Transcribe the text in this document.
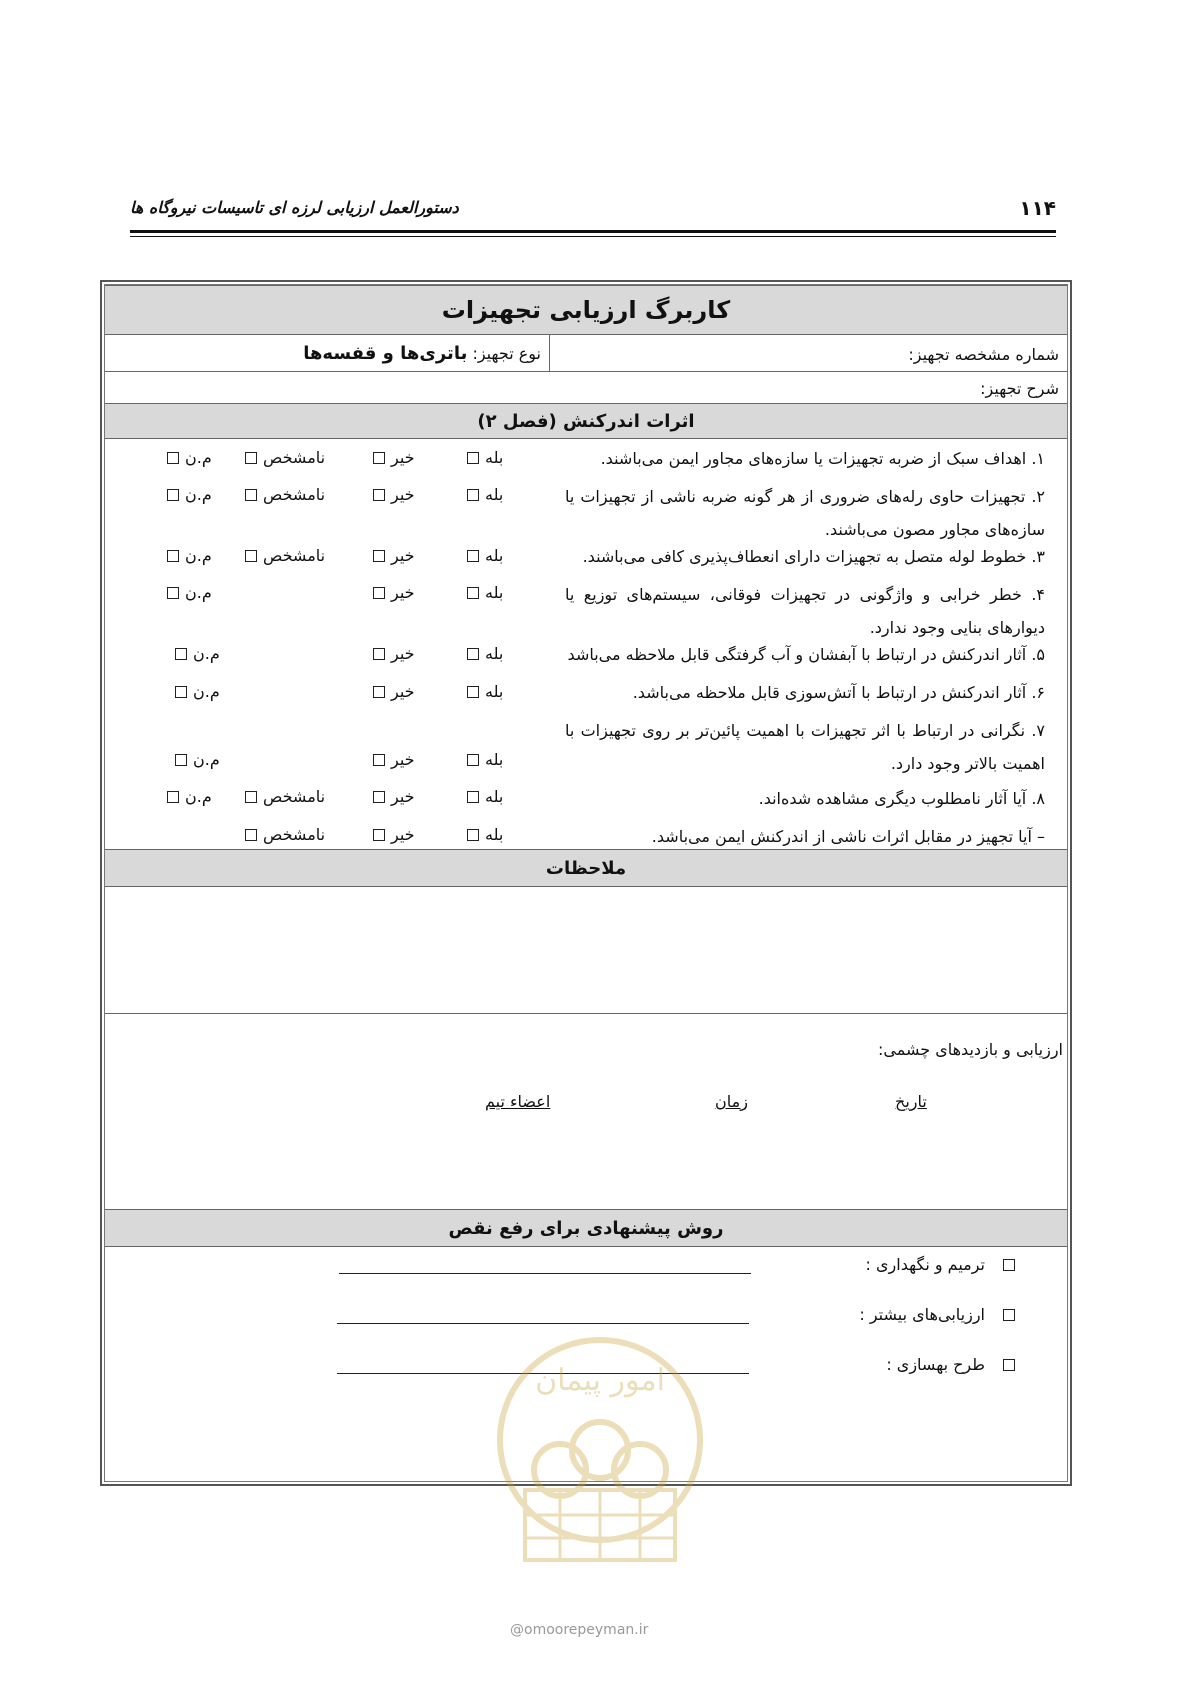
۱۱۴
دستورالعمل ارزیابی لرزه ای تاسیسات نیروگاه ها
کاربرگ ارزیابی تجهیزات
شماره مشخصه تجهیز:
نوع تجهیز: باتری‌ها و قفسه‌ها
شرح تجهیز:
اثرات اندرکنش (فصل ۲)
۱. اهداف سبک از ضربه تجهیزات یا سازه‌های مجاور ایمن می‌باشند.
۲. تجهیزات حاوی رله‌های ضروری از هر گونه ضربه ناشی از تجهیزات یا سازه‌های مجاور مصون می‌باشند.
۳. خطوط لوله متصل به تجهیزات دارای انعطاف‌پذیری کافی می‌باشند.
۴. خطر خرابی و واژگونی در تجهیزات فوقانی، سیستم‌های توزیع یا دیوارهای بنایی وجود ندارد.
۵. آثار اندرکنش در ارتباط با آبفشان و آب گرفتگی قابل ملاحظه می‌باشد
۶. آثار اندرکنش در ارتباط با آتش‌سوزی قابل ملاحظه می‌باشد.
۷. نگرانی در ارتباط با اثر تجهیزات با اهمیت پائین‌تر بر روی تجهیزات با اهمیت بالاتر وجود دارد.
۸. آیا آثار نامطلوب دیگری مشاهده شده‌اند.
– آیا تجهیز در مقابل اثرات ناشی از اندرکنش ایمن می‌باشد.
بله
خیر
نامشخص
م.ن
بله
خیر
نامشخص
م.ن
بله
خیر
نامشخص
م.ن
بله
خیر
م.ن
بله
خیر
م.ن
بله
خیر
م.ن
بله
خیر
م.ن
بله
خیر
نامشخص
م.ن
بله
خیر
نامشخص
ملاحظات
ارزیابی و بازدیدهای چشمی:
تاریخ
زمان
اعضاء تیم
روش پیشنهادی برای رفع نقص
ترمیم و نگهداری :
ارزیابی‌های بیشتر :
طرح بهسازی :
امور پیمان
@omoorepeyman.ir
